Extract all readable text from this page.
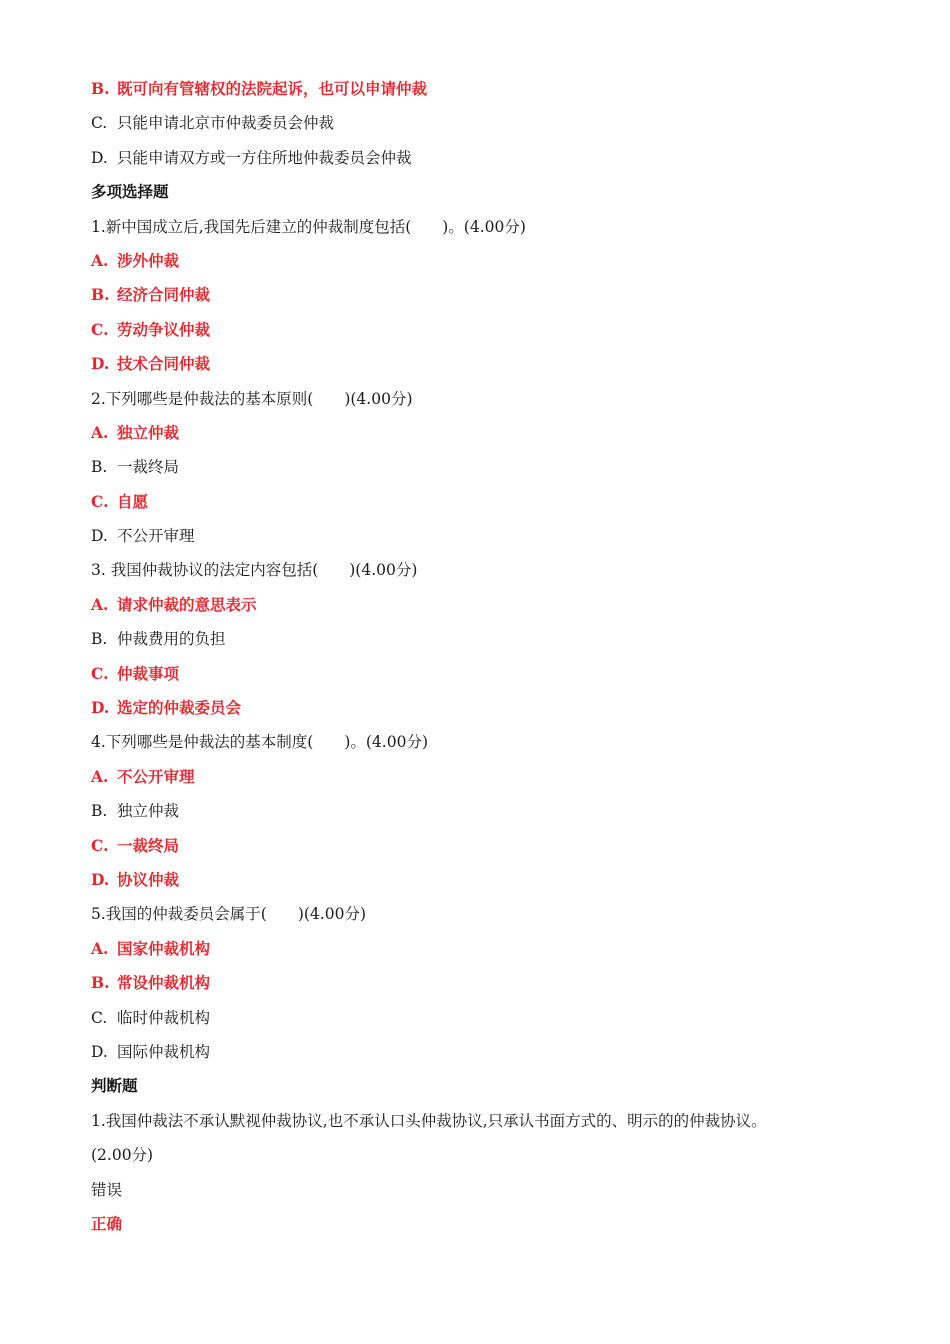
B. 既可向有管辖权的法院起诉，也可以申请仲裁
C. 只能申请北京市仲裁委员会仲裁
D. 只能申请双方或一方住所地仲裁委员会仲裁
多项选择题
1.新中国成立后,我国先后建立的仲裁制度包括(　　)。(4.00分)
A. 涉外仲裁
B. 经济合同仲裁
C. 劳动争议仲裁
D. 技术合同仲裁
2.下列哪些是仲裁法的基本原则(　　)(4.00分)
A. 独立仲裁
B. 一裁终局
C. 自愿
D. 不公开审理
3. 我国仲裁协议的法定内容包括(　　)(4.00分)
A. 请求仲裁的意思表示
B. 仲裁费用的负担
C. 仲裁事项
D. 选定的仲裁委员会
4.下列哪些是仲裁法的基本制度(　　)。(4.00分)
A. 不公开审理
B. 独立仲裁
C. 一裁终局
D. 协议仲裁
5.我国的仲裁委员会属于(　　)(4.00分)
A. 国家仲裁机构
B. 常设仲裁机构
C. 临时仲裁机构
D. 国际仲裁机构
判断题
1.我国仲裁法不承认默视仲裁协议,也不承认口头仲裁协议,只承认书面方式的、明示的的仲裁协议。
(2.00分)
错误
正确
